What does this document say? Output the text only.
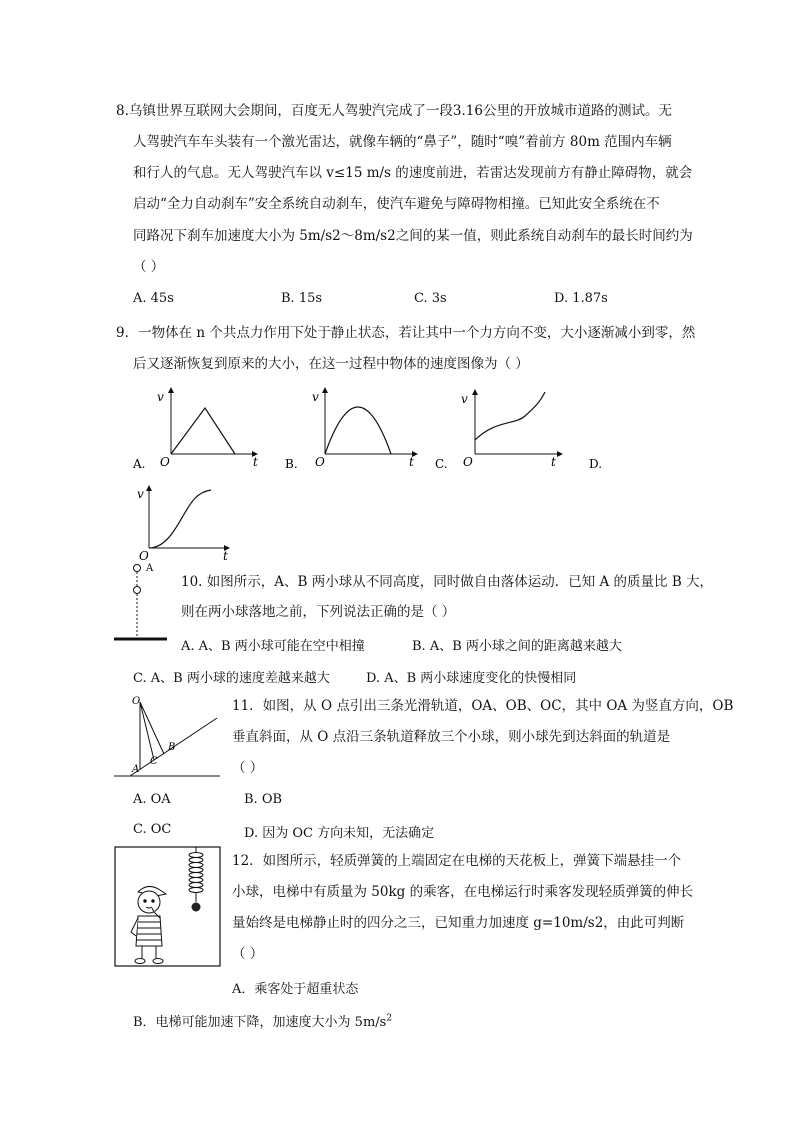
8.乌镇世界互联网大会期间，百度无人驾驶汽完成了一段3.16公里的开放城市道路的测试。无
人驾驶汽车车头装有一个激光雷达，就像车辆的“鼻子”，随时“嗅”着前方 80m 范围内车辆
和行人的气息。无人驾驶汽车以 v≤15 m/s 的速度前进，若雷达发现前方有静止障碍物，就会
启动“全力自动刹车”安全系统自动刹车，使汽车避免与障碍物相撞。已知此安全系统在不
同路况下刹车加速度大小为 5m/s2～8m/s2之间的某一值，则此系统自动刹车的最长时间约为
（ ）
A. 45s	B. 15s	C. 3s	D. 1.87s
9．一物体在 n 个共点力作用下处于静止状态，若让其中一个力方向不变，大小逐渐减小到零，然
后又逐渐恢复到原来的大小，在这一过程中物体的速度图像为（ ）
v
O	t
A.
v
O	t
B.
v
O	t
C.	D.
v
O	t
A
10. 如图所示，A、B 两小球从不同高度，同时做自由落体运动．已知 A 的质量比 B 大，
则在两小球落地之前，下列说法正确的是（ ）
A. A、B 两小球可能在空中相撞	B. A、B 两小球之间的距离越来越大
C. A、B 两小球的速度差越来越大	D. A、B 两小球速度变化的快慢相同
O
A
B
C
11．如图，从 O 点引出三条光滑轨道，OA、OB、OC，其中 OA 为竖直方向，OB
垂直斜面，从 O 点沿三条轨道释放三个小球，则小球先到达斜面的轨道是
（ ）
A. OA	B. OB
C. OC	D. 因为 OC 方向未知，无法确定
12．如图所示，轻质弹簧的上端固定在电梯的天花板上，弹簧下端悬挂一个
小球，电梯中有质量为 50kg 的乘客，在电梯运行时乘客发现轻质弹簧的伸长
量始终是电梯静止时的四分之三，已知重力加速度 g=10m/s2，由此可判断
（ ）
A．乘客处于超重状态
B．电梯可能加速下降，加速度大小为 $5m/s^2$
